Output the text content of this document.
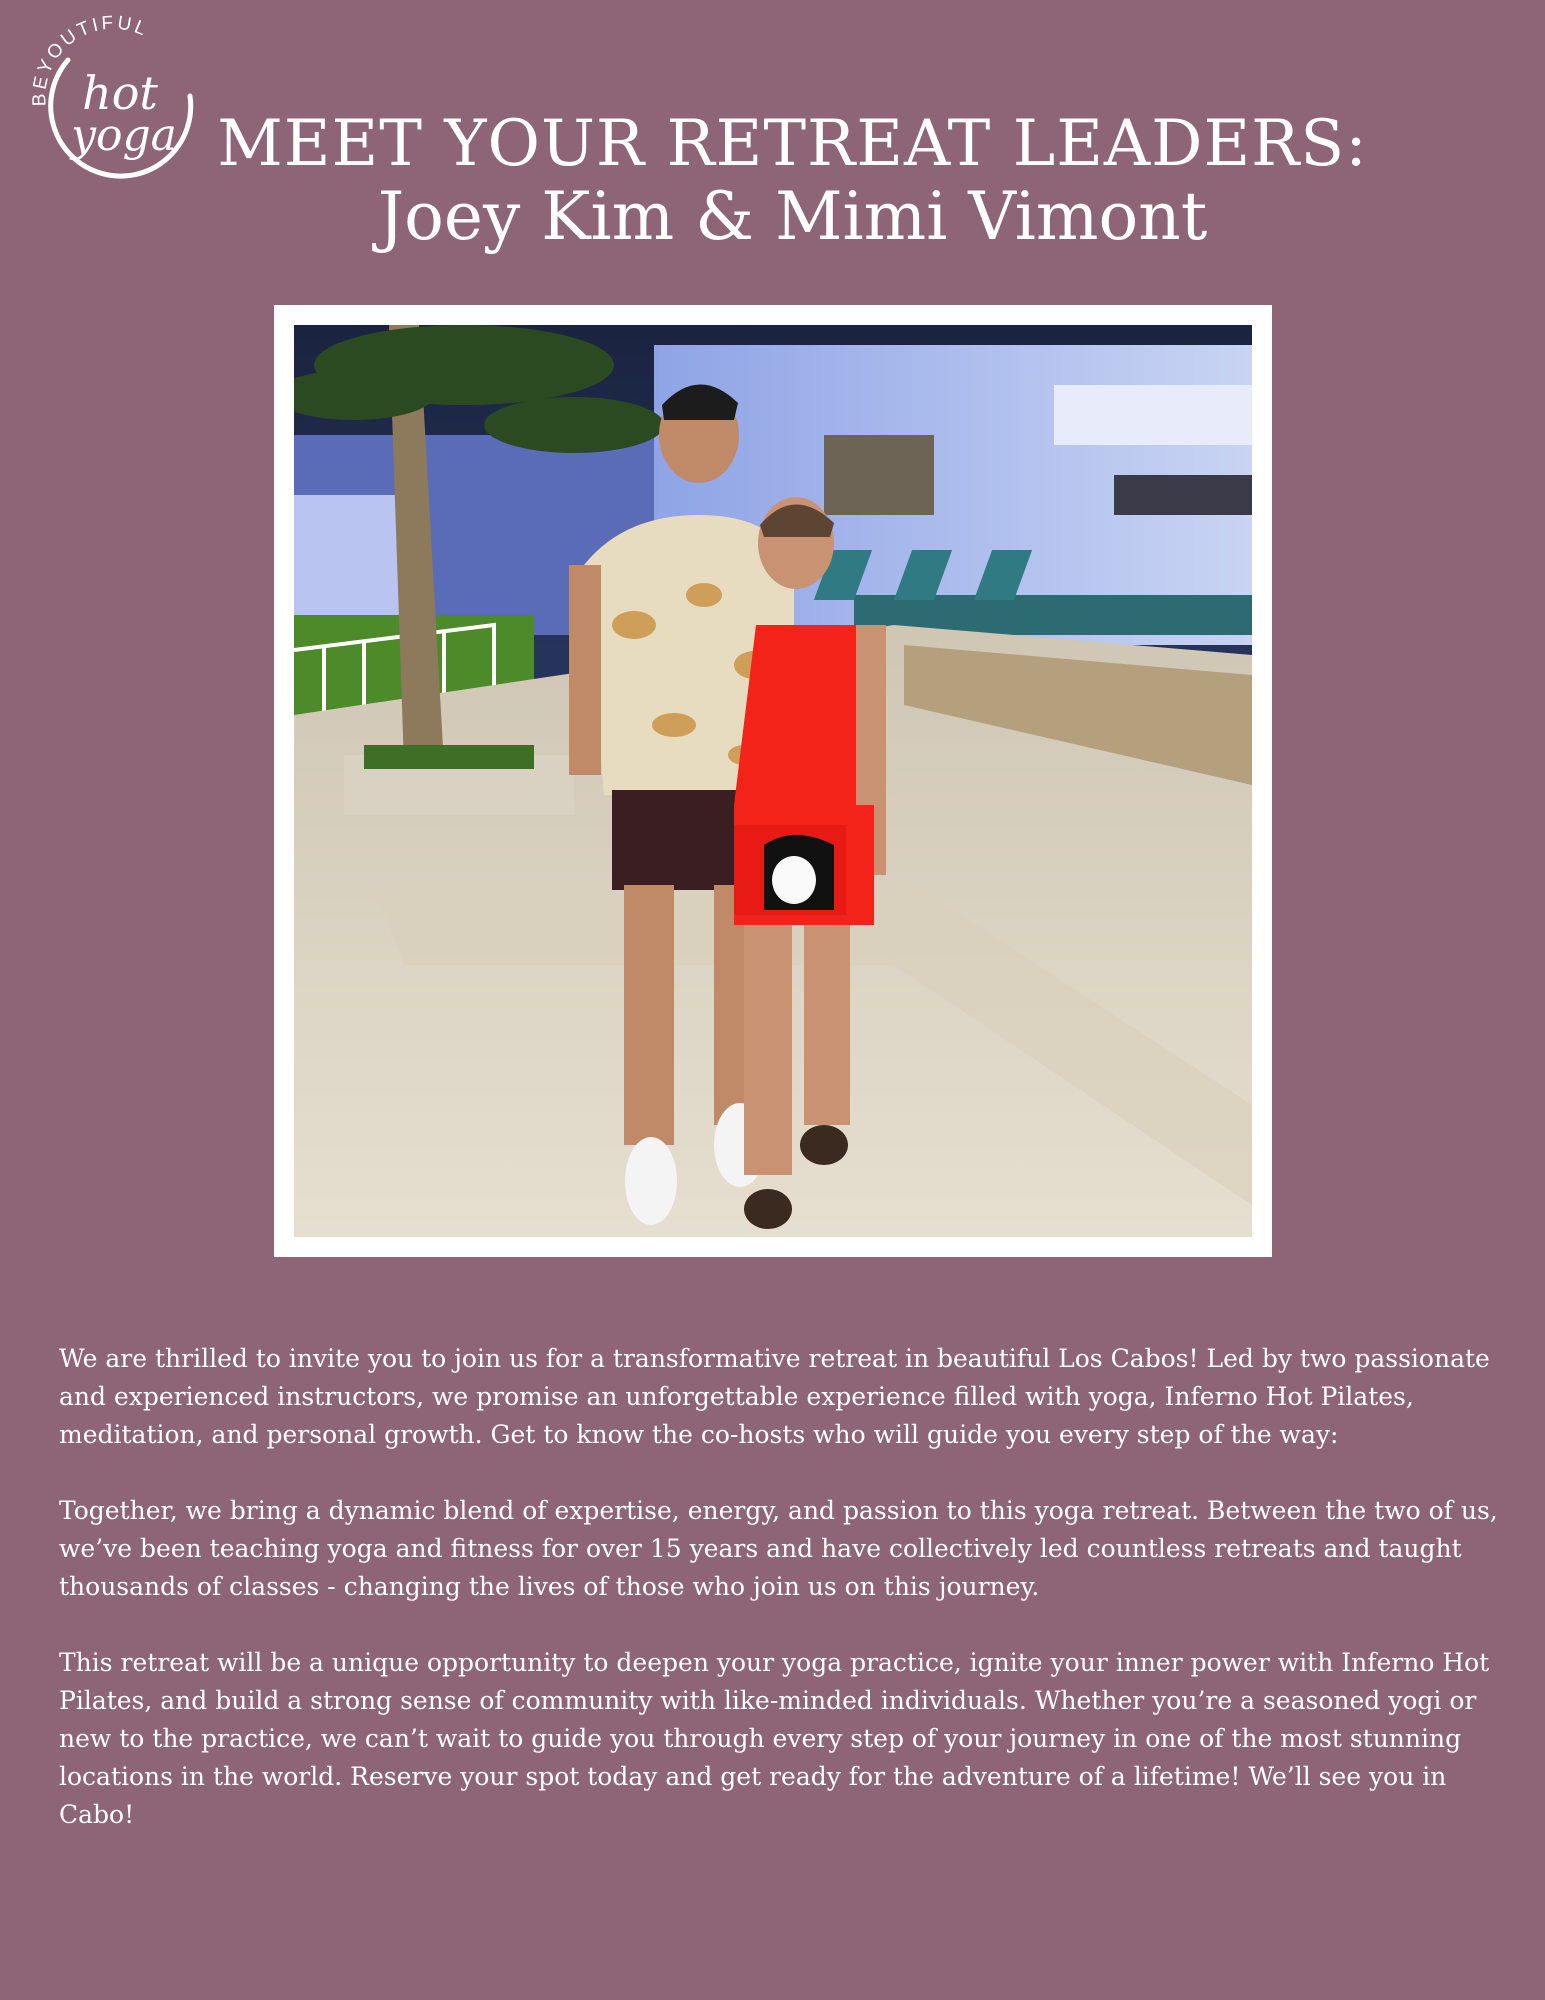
BEYOUTIFUL
hot
yoga MEET YOUR RETREAT LEADERS:
Joey Kim & Mimi Vimont

We are thrilled to invite you to join us for a transformative retreat in beautiful Los Cabos! Led by two passionate and experienced instructors, we promise an unforgettable experience filled with yoga, Inferno Hot Pilates, meditation, and personal growth. Get to know the co-hosts who will guide you every step of the way:

Together, we bring a dynamic blend of expertise, energy, and passion to this yoga retreat. Between the two of us, we’ve been teaching yoga and fitness for over 15 years and have collectively led countless retreats and taught thousands of classes - changing the lives of those who join us on this journey.

This retreat will be a unique opportunity to deepen your yoga practice, ignite your inner power with Inferno Hot Pilates, and build a strong sense of community with like-minded individuals. Whether you’re a seasoned yogi or new to the practice, we can’t wait to guide you through every step of your journey in one of the most stunning locations in the world. Reserve your spot today and get ready for the adventure of a lifetime! We’ll see you in Cabo!
